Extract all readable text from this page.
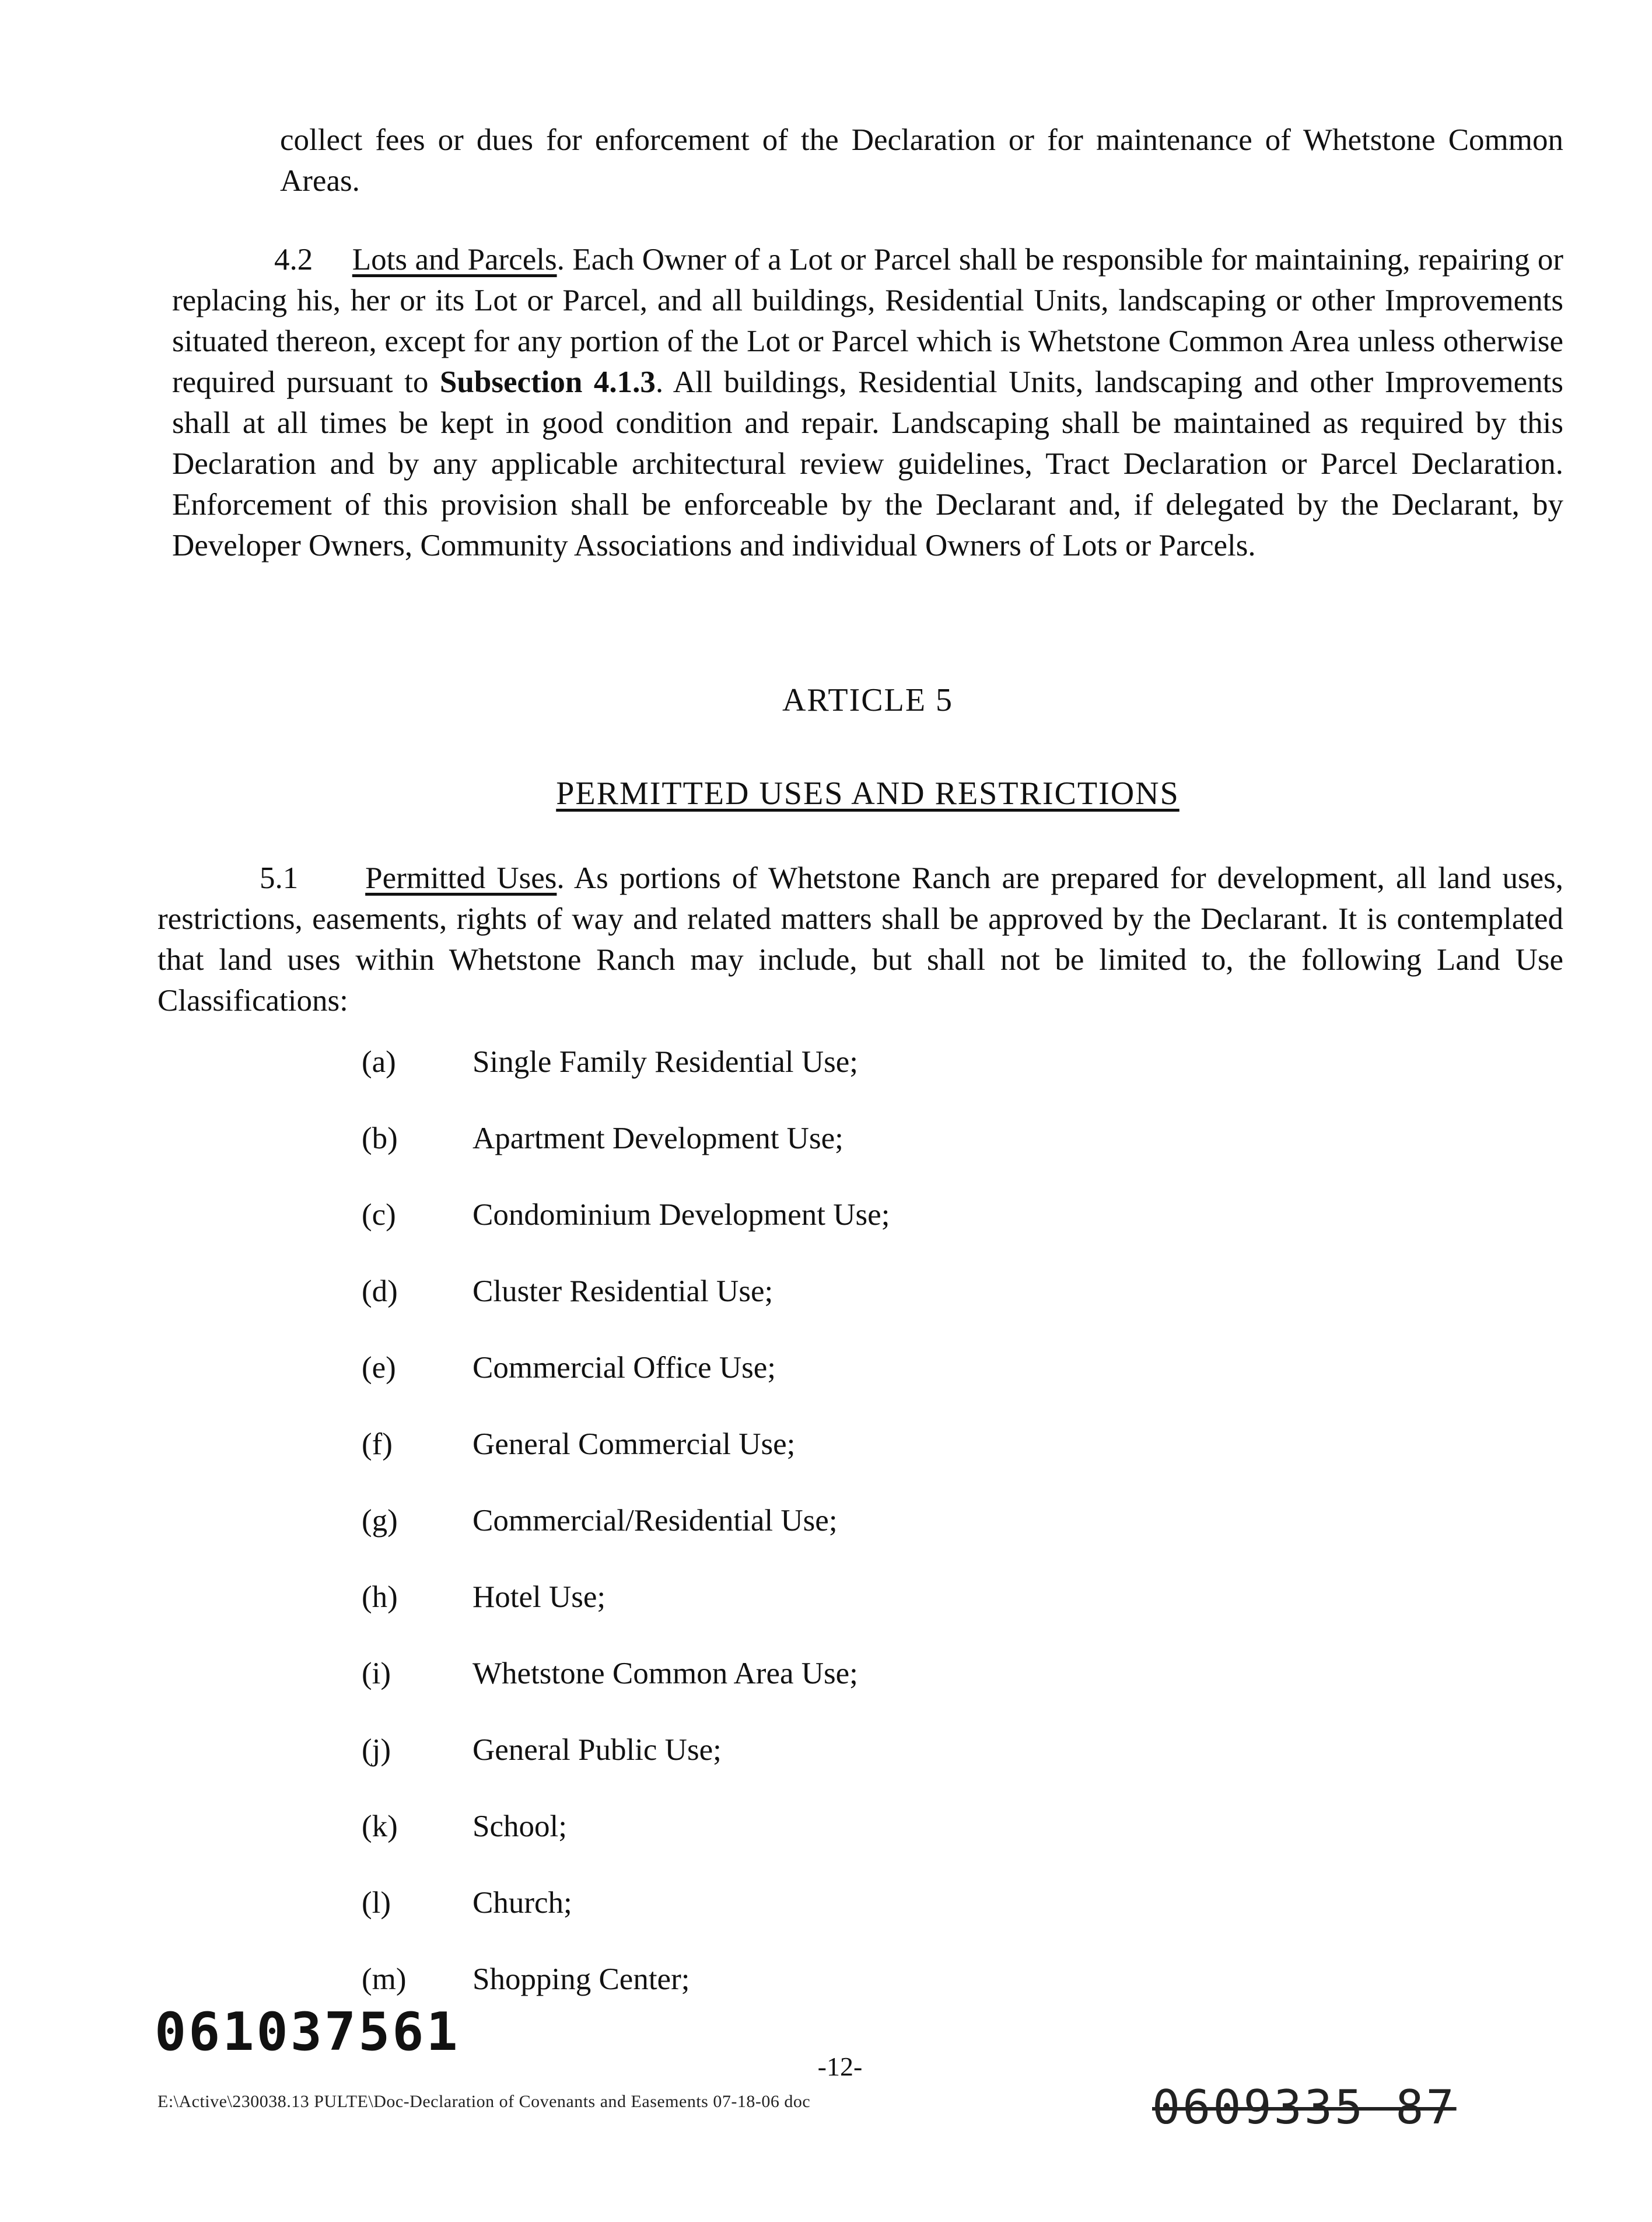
collect fees or dues for enforcement of the Declaration or for maintenance of Whetstone Common Areas.

4.2 Lots and Parcels. Each Owner of a Lot or Parcel shall be responsible for maintaining, repairing or replacing his, her or its Lot or Parcel, and all buildings, Residential Units, landscaping or other Improvements situated thereon, except for any portion of the Lot or Parcel which is Whetstone Common Area unless otherwise required pursuant to Subsection 4.1.3. All buildings, Residential Units, landscaping and other Improvements shall at all times be kept in good condition and repair. Landscaping shall be maintained as required by this Declaration and by any applicable architectural review guidelines, Tract Declaration or Parcel Declaration. Enforcement of this provision shall be enforceable by the Declarant and, if delegated by the Declarant, by Developer Owners, Community Associations and individual Owners of Lots or Parcels.

ARTICLE 5

PERMITTED USES AND RESTRICTIONS

5.1 Permitted Uses. As portions of Whetstone Ranch are prepared for development, all land uses, restrictions, easements, rights of way and related matters shall be approved by the Declarant. It is contemplated that land uses within Whetstone Ranch may include, but shall not be limited to, the following Land Use Classifications:

(a)	Single Family Residential Use;
(b)	Apartment Development Use;
(c)	Condominium Development Use;
(d)	Cluster Residential Use;
(e)	Commercial Office Use;
(f)	General Commercial Use;
(g)	Commercial/Residential Use;
(h)	Hotel Use;
(i)	Whetstone Common Area Use;
(j)	General Public Use;
(k)	School;
(l)	Church;
(m)	Shopping Center;
061037561
-12-
E:\Active\230038.13 PULTE\Doc-Declaration of Covenants and Easements 07-18-06 doc	0609335 87
